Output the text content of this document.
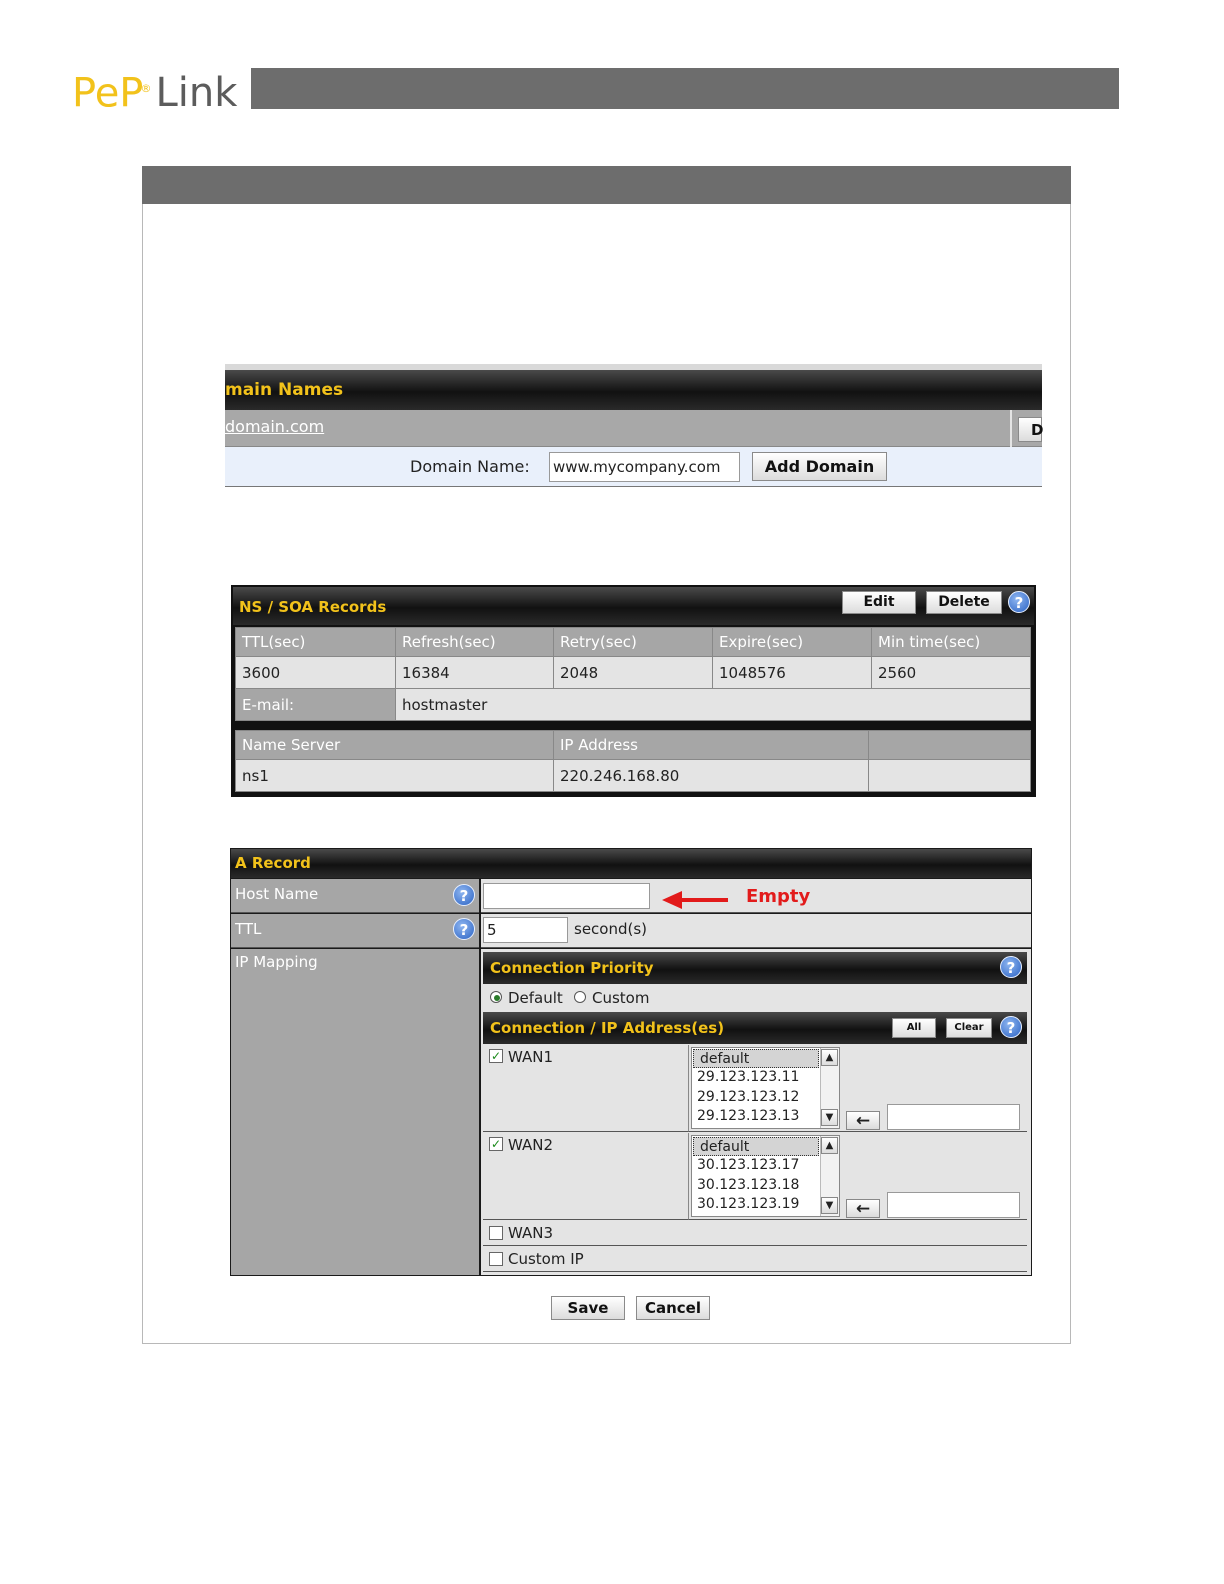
PeP® Link
main Names
domain.com	D
Domain Name: www.mycompany.com	Add Domain
NS / SOA Records	Edit	Delete	?
TTL(sec)	Refresh(sec)	Retry(sec)	Expire(sec)	Min time(sec)
3600	16384	2048	1048576	2560
E-mail:	hostmaster
Name Server	IP Address
ns1	220.246.168.80
A Record
Host Name	?	Empty
TTL	?	5	second(s)
IP Mapping	Connection Priority	?
Default Custom
Connection / IP Address(es)	All	Clear	?
✓ WAN1	default
29.123.123.11
29.123.123.12
29.123.123.13
▲
▼	←
✓ WAN2	default
30.123.123.17
30.123.123.18
30.123.123.19
▲
▼	←
WAN3
Custom IP
Save	Cancel
